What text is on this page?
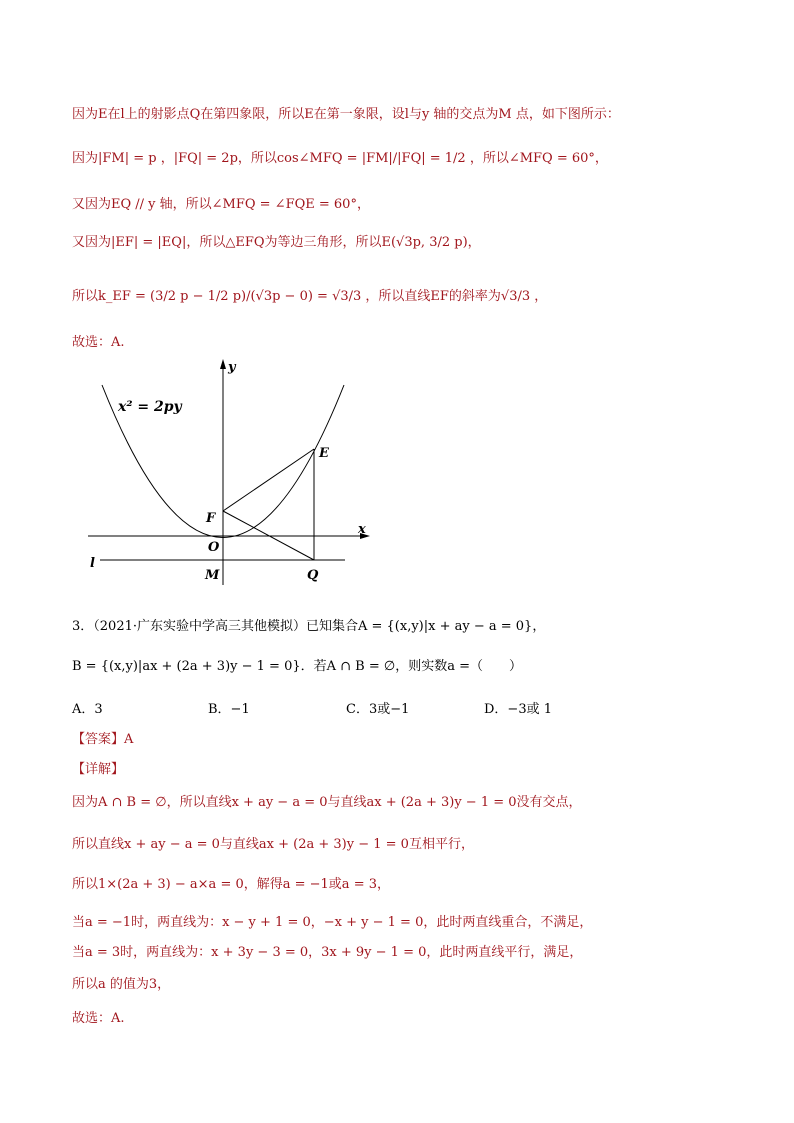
因为E在l上的射影点Q在第四象限，所以E在第一象限，设l与y 轴的交点为M 点，如下图所示：
因为|FM| = p ，|FQ| = 2p，所以cos∠MFQ = |FM|/|FQ| = 1/2 ，所以∠MFQ = 60°，
又因为EQ // y 轴，所以∠MFQ = ∠FQE = 60°，
又因为|EF| = |EQ|，所以△EFQ为等边三角形，所以E(√3p, 3/2 p)，
所以k_EF = (3/2 p − 1/2 p)/(√3p − 0) = √3/3 ，所以直线EF的斜率为√3/3 ，
故选：A.
x² = 2py
y
x
E
F
O
M	Q
l
3．（2021·广东实验中学高三其他模拟）已知集合A = {(x,y)|x + ay − a = 0}，
B = {(x,y)|ax + (2a + 3)y − 1 = 0}．若A ∩ B = ∅，则实数a =（　　）
A．3	B．−1	C．3或−1	D．−3或 1
【答案】A
【详解】
因为A ∩ B = ∅，所以直线x + ay − a = 0与直线ax + (2a + 3)y − 1 = 0没有交点，
所以直线x + ay − a = 0与直线ax + (2a + 3)y − 1 = 0互相平行，
所以1×(2a + 3) − a×a = 0，解得a = −1或a = 3，
当a = −1时，两直线为：x − y + 1 = 0，−x + y − 1 = 0，此时两直线重合，不满足，
当a = 3时，两直线为：x + 3y − 3 = 0，3x + 9y − 1 = 0，此时两直线平行，满足，
所以a 的值为3，
故选：A.
